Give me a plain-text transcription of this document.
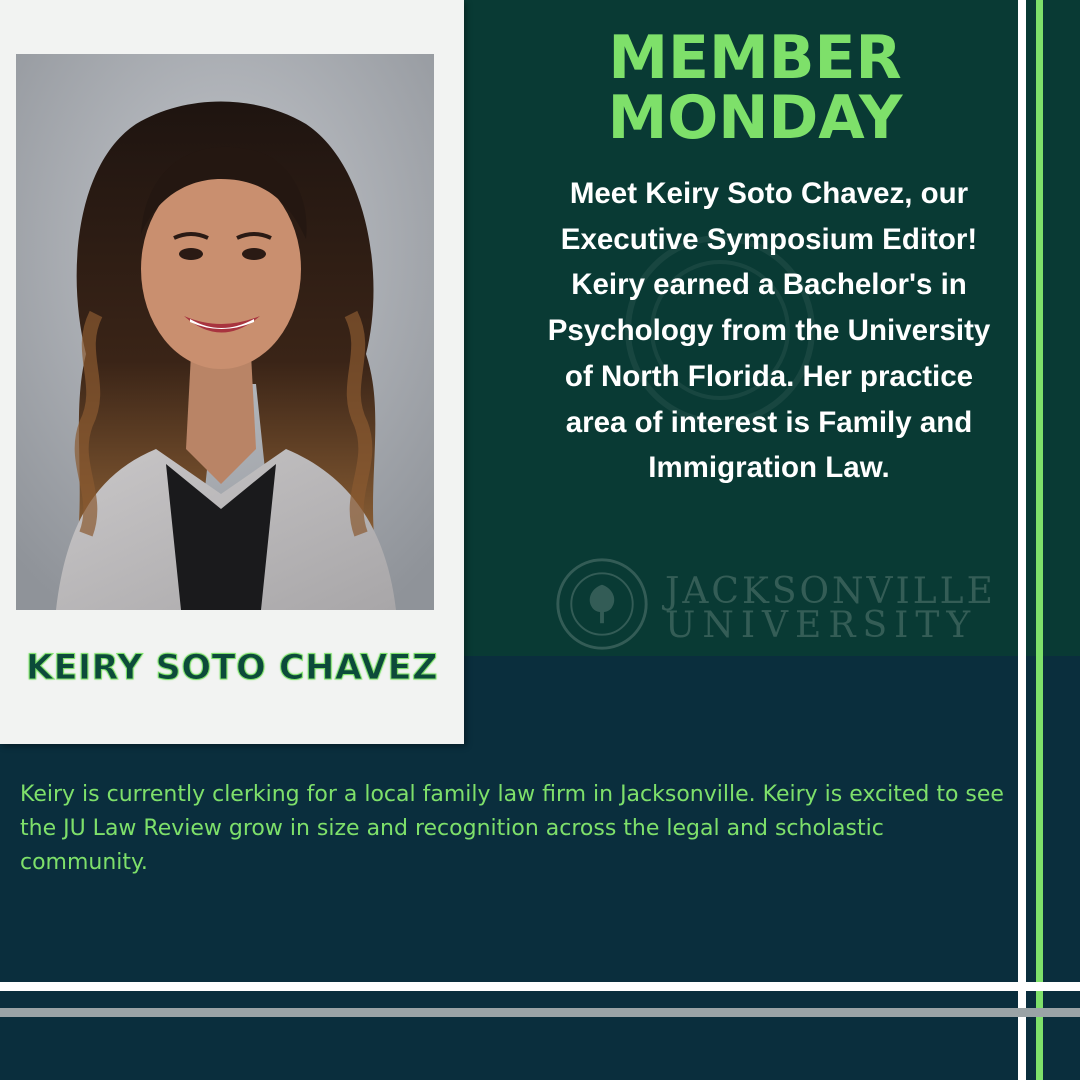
KEIRY SOTO CHAVEZ
MEMBER
MONDAY
Meet Keiry Soto Chavez, our Executive Symposium Editor! Keiry earned a Bachelor's in Psychology from the University of North Florida. Her practice area of interest is Family and Immigration Law.
JACKSONVILLE
UNIVERSITY
Keiry is currently clerking for a local family law firm in Jacksonville. Keiry is excited to see the JU Law Review grow in size and recognition across the legal and scholastic community.
